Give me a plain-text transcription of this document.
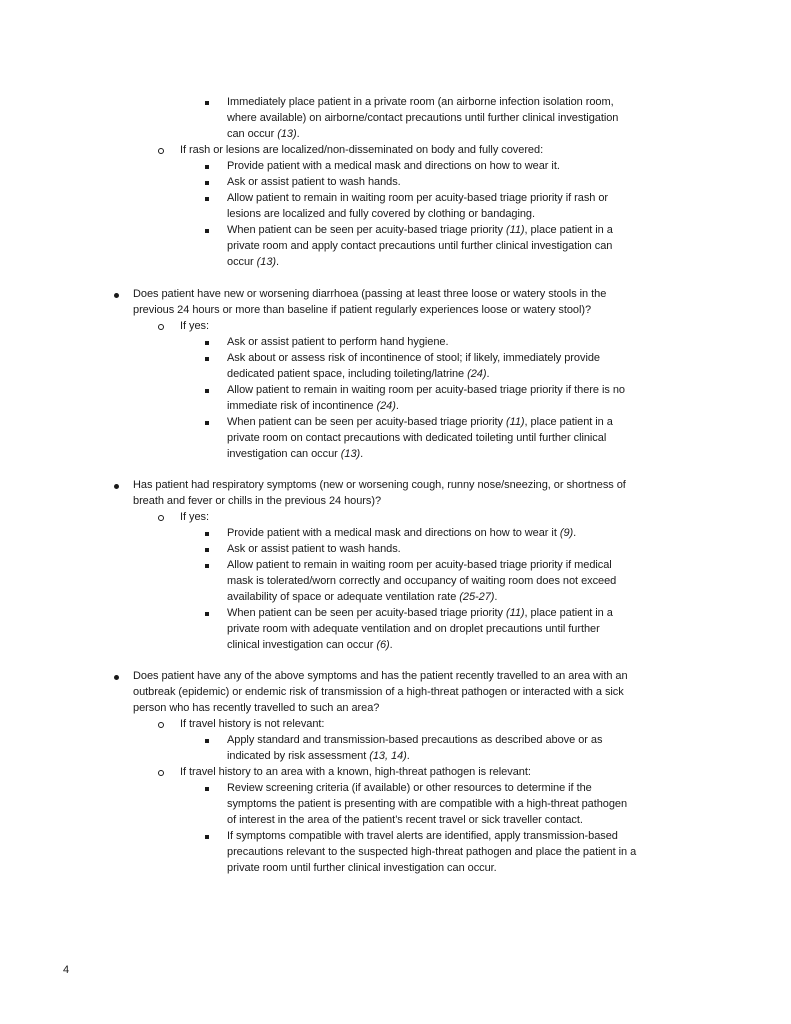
Immediately place patient in a private room (an airborne infection isolation room,
where available) on airborne/contact precautions until further clinical investigation
can occur (13).
If rash or lesions are localized/non-disseminated on body and fully covered:
Provide patient with a medical mask and directions on how to wear it.
Ask or assist patient to wash hands.
Allow patient to remain in waiting room per acuity-based triage priority if rash or
lesions are localized and fully covered by clothing or bandaging.
When patient can be seen per acuity-based triage priority (11), place patient in a
private room and apply contact precautions until further clinical investigation can
occur (13).
Does patient have new or worsening diarrhoea (passing at least three loose or watery stools in the
previous 24 hours or more than baseline if patient regularly experiences loose or watery stool)?
If yes:
Ask or assist patient to perform hand hygiene.
Ask about or assess risk of incontinence of stool; if likely, immediately provide
dedicated patient space, including toileting/latrine (24).
Allow patient to remain in waiting room per acuity-based triage priority if there is no
immediate risk of incontinence (24).
When patient can be seen per acuity-based triage priority (11), place patient in a
private room on contact precautions with dedicated toileting until further clinical
investigation can occur (13).
Has patient had respiratory symptoms (new or worsening cough, runny nose/sneezing, or shortness of
breath and fever or chills in the previous 24 hours)?
If yes:
Provide patient with a medical mask and directions on how to wear it (9).
Ask or assist patient to wash hands.
Allow patient to remain in waiting room per acuity-based triage priority if medical
mask is tolerated/worn correctly and occupancy of waiting room does not exceed
availability of space or adequate ventilation rate (25-27).
When patient can be seen per acuity-based triage priority (11), place patient in a
private room with adequate ventilation and on droplet precautions until further
clinical investigation can occur (6).
Does patient have any of the above symptoms and has the patient recently travelled to an area with an
outbreak (epidemic) or endemic risk of transmission of a high-threat pathogen or interacted with a sick
person who has recently travelled to such an area?
If travel history is not relevant:
Apply standard and transmission-based precautions as described above or as
indicated by risk assessment (13, 14).
If travel history to an area with a known, high-threat pathogen is relevant:
Review screening criteria (if available) or other resources to determine if the
symptoms the patient is presenting with are compatible with a high-threat pathogen
of interest in the area of the patient’s recent travel or sick traveller contact.
If symptoms compatible with travel alerts are identified, apply transmission-based
precautions relevant to the suspected high-threat pathogen and place the patient in a
private room until further clinical investigation can occur.
4
